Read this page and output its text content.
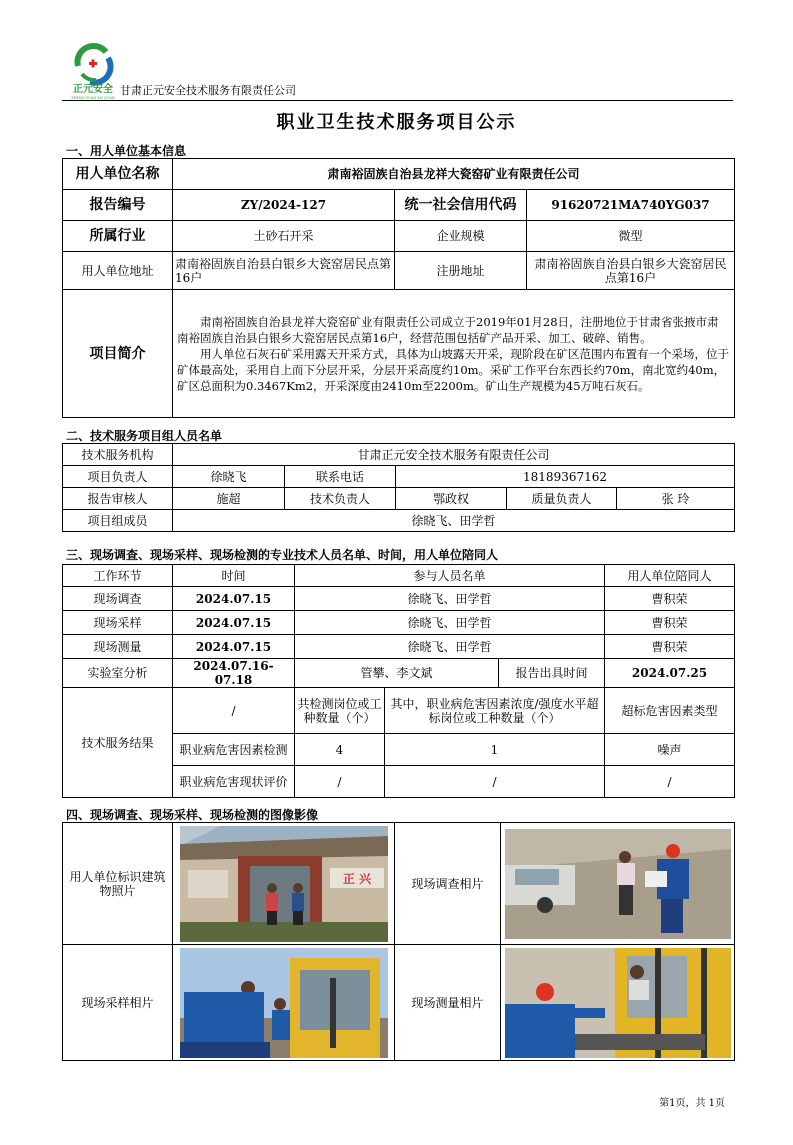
正元安全
ZHENG YUAN AN QUAN
甘肃正元安全技术服务有限责任公司
职业卫生技术服务项目公示
一、用人单位基本信息
用人单位名称	肃南裕固族自治县龙祥大瓷窑矿业有限责任公司		
报告编号	ZY/2024-127	统一社会信用代码	91620721MA740YG037
所属行业	土砂石开采	企业规模	微型
用人单位地址	肃南裕固族自治县白银乡大瓷窑居民点第16户	注册地址	肃南裕固族自治县白银乡大瓷窑居民点第16户
项目简介	肃南裕固族自治县龙祥大瓷窑矿业有限责任公司成立于2019年01月28日，注册地位于甘肃省张掖市肃南裕固族自治县白银乡大瓷窑居民点第16户，经营范围包括矿产品开采、加工、破碎、销售。

用人单位石灰石矿采用露天开采方式，具体为山坡露天开采，现阶段在矿区范围内布置有一个采场，位于矿体最高处，采用自上而下分层开采，分层开采高度约10m。采矿工作平台东西长约70m，南北宽约40m，矿区总面积为0.3467Km2，开采深度由2410m至2200m。矿山生产规模为45万吨石灰石。		

二、技术服务项目组人员名单
技术服务机构	甘肃正元安全技术服务有限责任公司				
项目负责人	徐晓飞	联系电话	18189367162		
报告审核人	施超	技术负责人	鄂政权	质量负责人	张 玲
项目组成员	徐晓飞、田学哲				
三、现场调查、现场采样、现场检测的专业技术人员名单、时间，用人单位陪同人
工作环节	时间	参与人员名单			用人单位陪同人
现场调查	2024.07.15	徐晓飞、田学哲			曹积荣
现场采样	2024.07.15	徐晓飞、田学哲			曹积荣
现场测量	2024.07.15	徐晓飞、田学哲			曹积荣
实验室分析	2024.07.16-07.18	管攀、李文斌		报告出具时间	2024.07.25
技术服务结果	/	共检测岗位或工种数量（个）	其中，职业病危害因素浓度/强度水平超标岗位或工种数量（个）		超标危害因素类型
	职业病危害因素检测	4	1		噪声
	职业病危害现状评价	/	/		/
四、现场调查、现场采样、现场检测的图像影像
用人单位标识建筑物照片	正 兴	现场调查相片	

现场采样相片		现场测量相片	
第1页，共 1页
